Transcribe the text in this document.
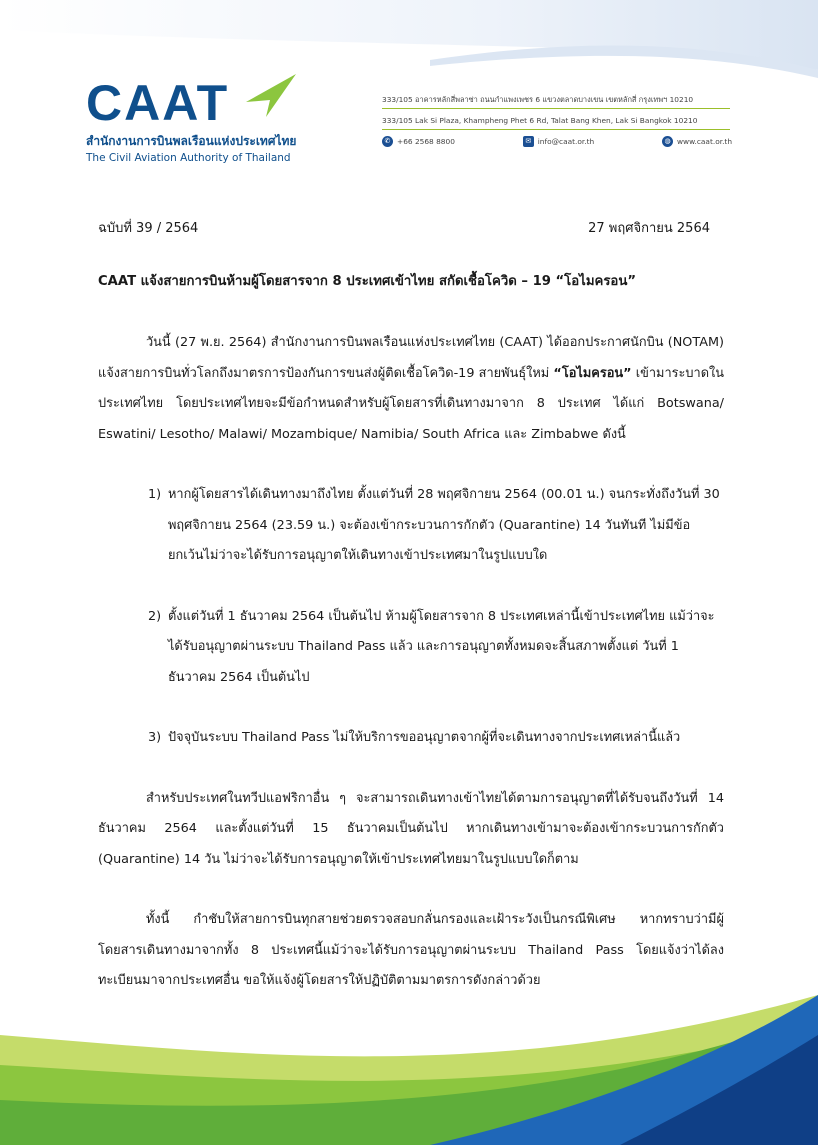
CAAT
สำนักงานการบินพลเรือนแห่งประเทศไทย
The Civil Aviation Authority of Thailand
333/105 อาคารหลักสี่พลาซ่า ถนนกำแพงเพชร 6 แขวงตลาดบางเขน เขตหลักสี่ กรุงเทพฯ 10210
333/105 Lak Si Plaza, Khampheng Phet 6 Rd, Talat Bang Khen, Lak Si Bangkok 10210
✆ +66 2568 8800	✉ info@caat.or.th	◍ www.caat.or.th
ฉบับที่ 39 / 2564	27 พฤศจิกายน 2564
CAAT แจ้งสายการบินห้ามผู้โดยสารจาก 8 ประเทศเข้าไทย สกัดเชื้อโควิด – 19 “โอไมครอน”

วันนี้ (27 พ.ย. 2564) สำนักงานการบินพลเรือนแห่งประเทศไทย (CAAT) ได้ออกประกาศนักบิน (NOTAM) แจ้งสายการบินทั่วโลกถึงมาตรการป้องกันการขนส่งผู้ติดเชื้อโควิด-19 สายพันธุ์ใหม่ “โอไมครอน” เข้ามาระบาดในประเทศไทย โดยประเทศไทยจะมีข้อกำหนดสำหรับผู้โดยสารที่เดินทางมาจาก 8 ประเทศ ได้แก่ Botswana/ Eswatini/ Lesotho/ Malawi/ Mozambique/ Namibia/ South Africa และ Zimbabwe ดังนี้

1) หากผู้โดยสารได้เดินทางมาถึงไทย ตั้งแต่วันที่ 28 พฤศจิกายน 2564 (00.01 น.) จนกระทั่งถึงวันที่ 30 พฤศจิกายน 2564 (23.59 น.) จะต้องเข้ากระบวนการกักตัว (Quarantine) 14 วันทันที ไม่มีข้อยกเว้นไม่ว่าจะได้รับการอนุญาตให้เดินทางเข้าประเทศมาในรูปแบบใด
2) ตั้งแต่วันที่ 1 ธันวาคม 2564 เป็นต้นไป ห้ามผู้โดยสารจาก 8 ประเทศเหล่านี้เข้าประเทศไทย แม้ว่าจะได้รับอนุญาตผ่านระบบ Thailand Pass แล้ว และการอนุญาตทั้งหมดจะสิ้นสภาพตั้งแต่ วันที่ 1 ธันวาคม 2564 เป็นต้นไป
3) ปัจจุบันระบบ Thailand Pass ไม่ให้บริการขออนุญาตจากผู้ที่จะเดินทางจากประเทศเหล่านี้แล้ว

สำหรับประเทศในทวีปแอฟริกาอื่น ๆ จะสามารถเดินทางเข้าไทยได้ตามการอนุญาตที่ได้รับจนถึงวันที่ 14 ธันวาคม 2564 และตั้งแต่วันที่ 15 ธันวาคมเป็นต้นไป หากเดินทางเข้ามาจะต้องเข้ากระบวนการกักตัว (Quarantine) 14 วัน ไม่ว่าจะได้รับการอนุญาตให้เข้าประเทศไทยมาในรูปแบบใดก็ตาม

ทั้งนี้ กำชับให้สายการบินทุกสายช่วยตรวจสอบกลั่นกรองและเฝ้าระวังเป็นกรณีพิเศษ หากทราบว่ามีผู้โดยสารเดินทางมาจากทั้ง 8 ประเทศนี้แม้ว่าจะได้รับการอนุญาตผ่านระบบ Thailand Pass โดยแจ้งว่าได้ลงทะเบียนมาจากประเทศอื่น ขอให้แจ้งผู้โดยสารให้ปฏิบัติตามมาตรการดังกล่าวด้วย
